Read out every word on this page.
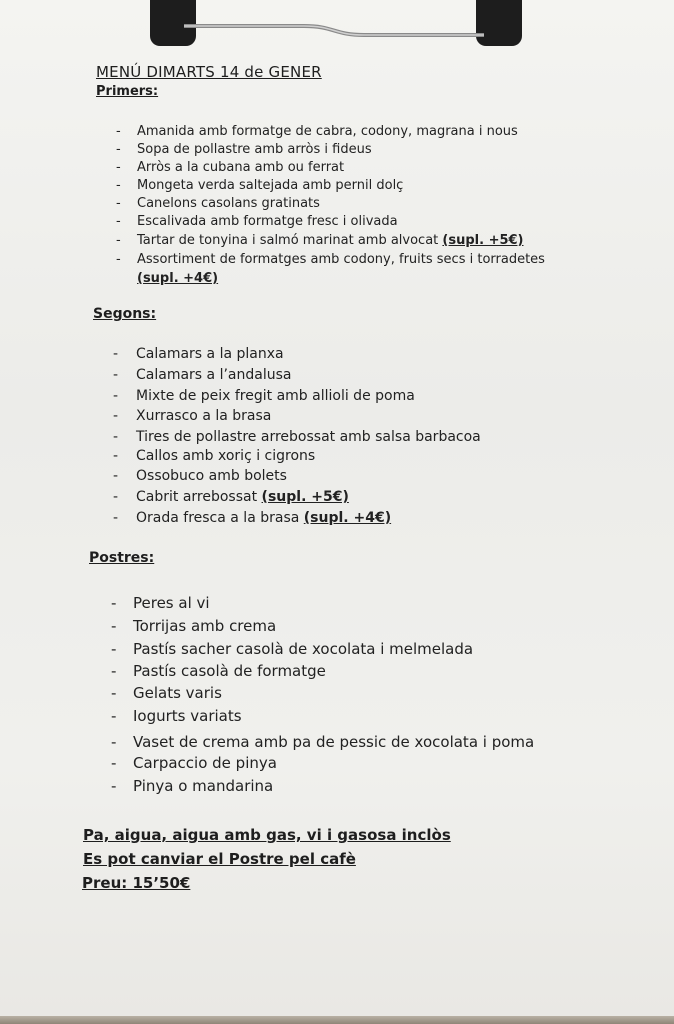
MENÚ DIMARTS 14 de GENER
Primers:
- Amanida amb formatge de cabra, codony, magrana i nous
- Sopa de pollastre amb arròs i fideus
- Arròs a la cubana amb ou ferrat
- Mongeta verda saltejada amb pernil dolç
- Canelons casolans gratinats
- Escalivada amb formatge fresc i olivada
- Tartar de tonyina i salmó marinat amb alvocat (supl. +5€)
- Assortiment de formatges amb codony, fruits secs i torradetes
(supl. +4€)
Segons:
- Calamars a la planxa
- Calamars a l’andalusa
- Mixte de peix fregit amb allioli de poma
- Xurrasco a la brasa
- Tires de pollastre arrebossat amb salsa barbacoa
- Callos amb xoriç i cigrons
- Ossobuco amb bolets
- Cabrit arrebossat (supl. +5€)
- Orada fresca a la brasa (supl. +4€)
Postres:
- Peres al vi
- Torrijas amb crema
- Pastís sacher casolà de xocolata i melmelada
- Pastís casolà de formatge
- Gelats varis
- Iogurts variats
- Vaset de crema amb pa de pessic de xocolata i poma
- Carpaccio de pinya
- Pinya o mandarina
Pa, aigua, aigua amb gas, vi i gasosa inclòs
Es pot canviar el Postre pel cafè
Preu: 15’50€
